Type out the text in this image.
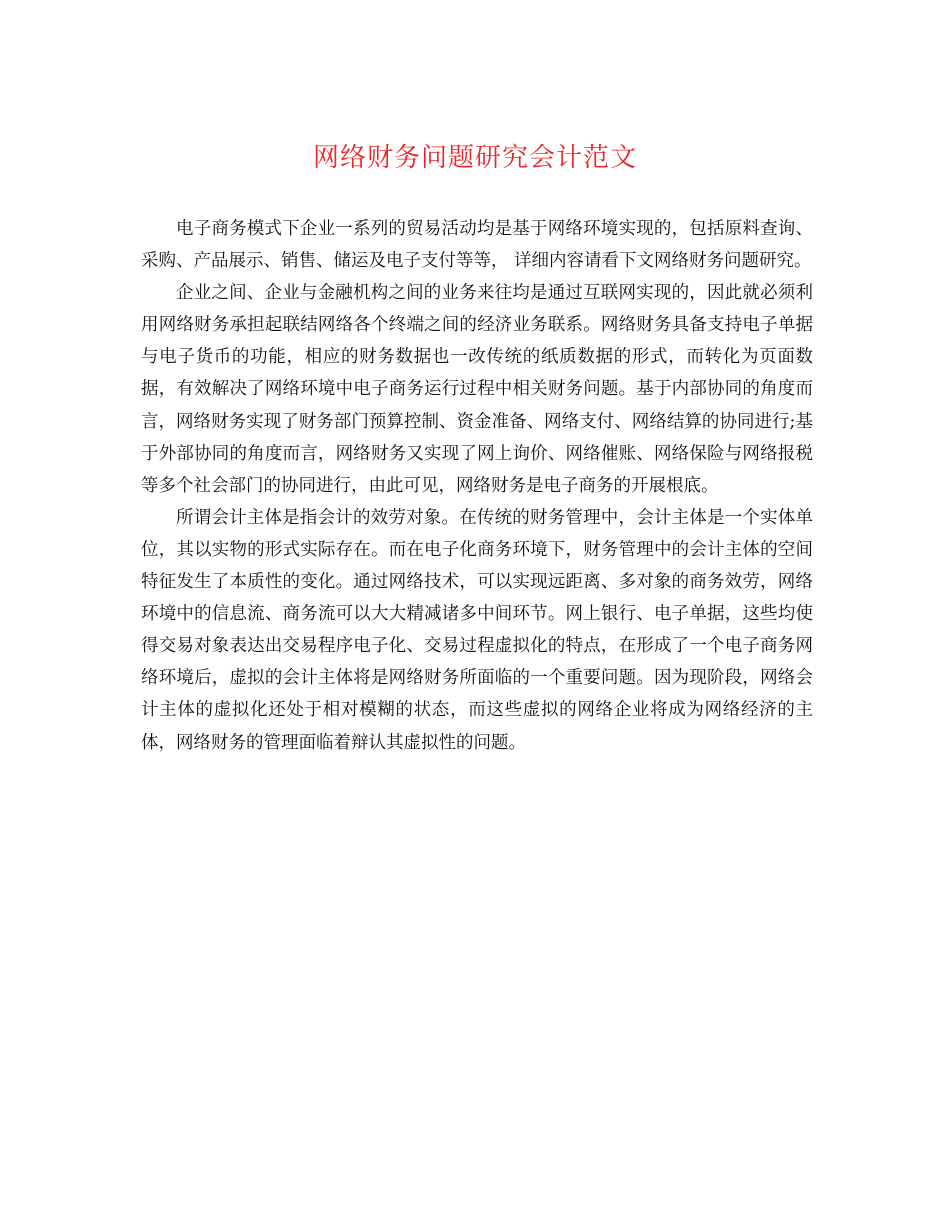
网络财务问题研究会计范文

电子商务模式下企业一系列的贸易活动均是基于网络环境实现的，包括原料查询、采购、产品展示、销售、储运及电子支付等等， 详细内容请看下文网络财务问题研究。

企业之间、企业与金融机构之间的业务来往均是通过互联网实现的，因此就必须利用网络财务承担起联结网络各个终端之间的经济业务联系。网络财务具备支持电子单据与电子货币的功能，相应的财务数据也一改传统的纸质数据的形式，而转化为页面数据，有效解决了网络环境中电子商务运行过程中相关财务问题。基于内部协同的角度而言，网络财务实现了财务部门预算控制、资金准备、网络支付、网络结算的协同进行;基于外部协同的角度而言，网络财务又实现了网上询价、网络催账、网络保险与网络报税等多个社会部门的协同进行，由此可见，网络财务是电子商务的开展根底。

所谓会计主体是指会计的效劳对象。在传统的财务管理中，会计主体是一个实体单位，其以实物的形式实际存在。而在电子化商务环境下，财务管理中的会计主体的空间特征发生了本质性的变化。通过网络技术，可以实现远距离、多对象的商务效劳，网络环境中的信息流、商务流可以大大精减诸多中间环节。网上银行、电子单据，这些均使得交易对象表达出交易程序电子化、交易过程虚拟化的特点，在形成了一个电子商务网络环境后，虚拟的会计主体将是网络财务所面临的一个重要问题。因为现阶段，网络会计主体的虚拟化还处于相对模糊的状态，而这些虚拟的网络企业将成为网络经济的主体，网络财务的管理面临着辩认其虚拟性的问题。
